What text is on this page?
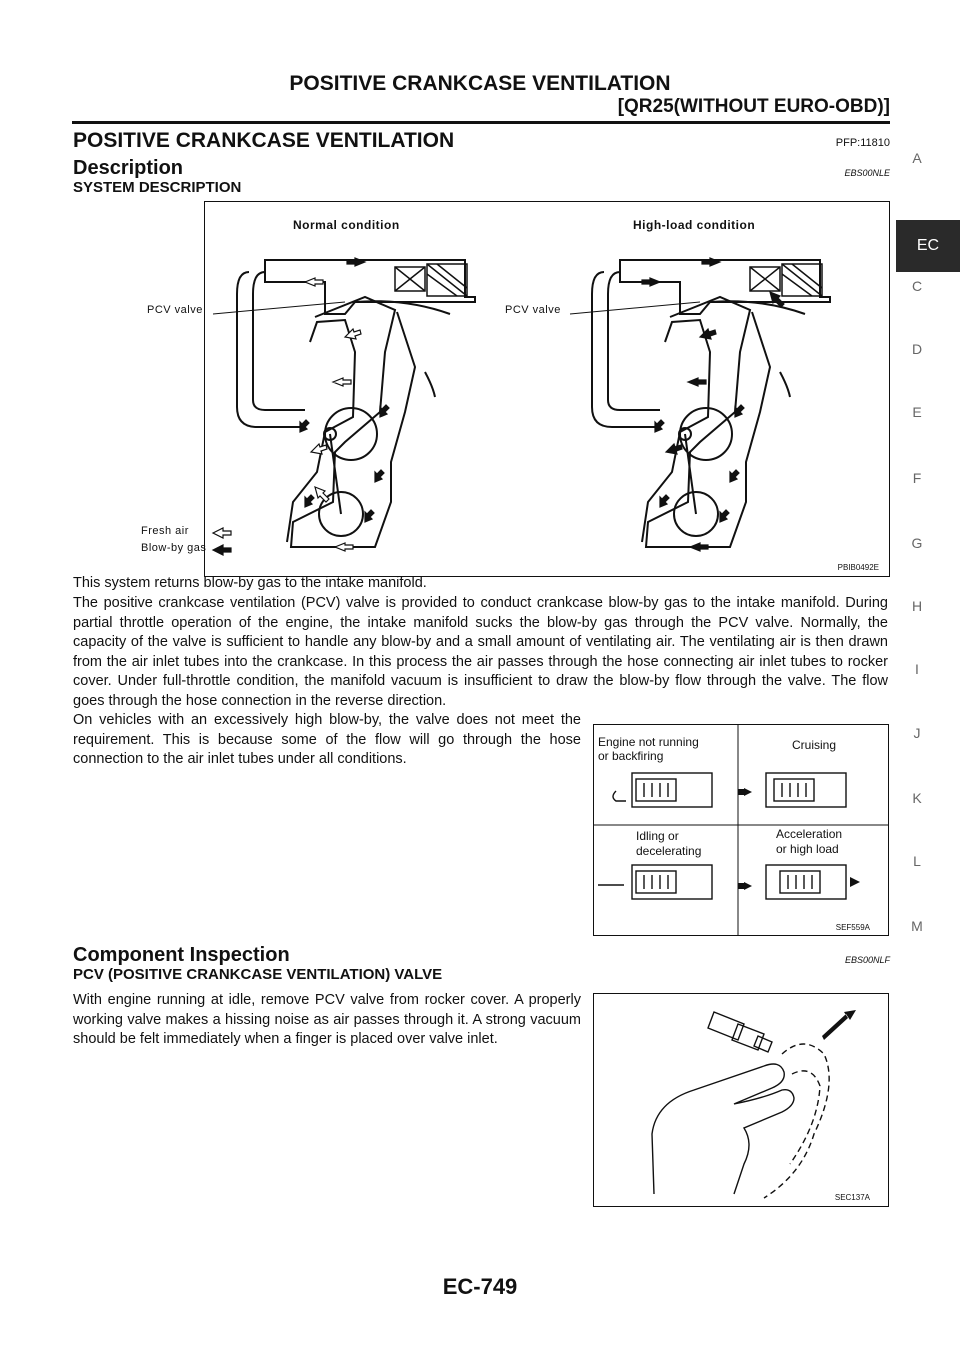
POSITIVE CRANKCASE VENTILATION
[QR25(WITHOUT EURO-OBD)]
POSITIVE CRANKCASE VENTILATION	PFP:11810
Description	EBS00NLE
SYSTEM DESCRIPTION
Normal condition	High-load condition
PCV valve	PCV valve
Fresh air
Blow-by gas
PBIB0492E
This system returns blow-by gas to the intake manifold.
The positive crankcase ventilation (PCV) valve is provided to conduct crankcase blow-by gas to the intake manifold. During partial throttle operation of the engine, the intake manifold sucks the blow-by gas through the PCV valve. Normally, the capacity of the valve is sufficient to handle any blow-by and a small amount of ventilating air. The ventilating air is then drawn from the air inlet tubes into the crankcase. In this process the air passes through the hose connecting air inlet tubes to rocker cover. Under full-throttle condition, the manifold vacuum is insufficient to draw the blow-by flow through the valve. The flow goes through the hose connection in the reverse direction.
On vehicles with an excessively high blow-by, the valve does not meet the requirement. This is because some of the flow will go through the hose connection to the air inlet tubes under all conditions.
Engine not running
or backfiring
Cruising
Idling or
decelerating
Acceleration
or high load
SEF559A
Component Inspection	EBS00NLF
PCV (POSITIVE CRANKCASE VENTILATION) VALVE
With engine running at idle, remove PCV valve from rocker cover. A properly working valve makes a hissing noise as air passes through it. A strong vacuum should be felt immediately when a finger is placed over valve inlet.
SEC137A
A
EC
C
D
E
F
G
H
I
J
K
L
M
EC-749
